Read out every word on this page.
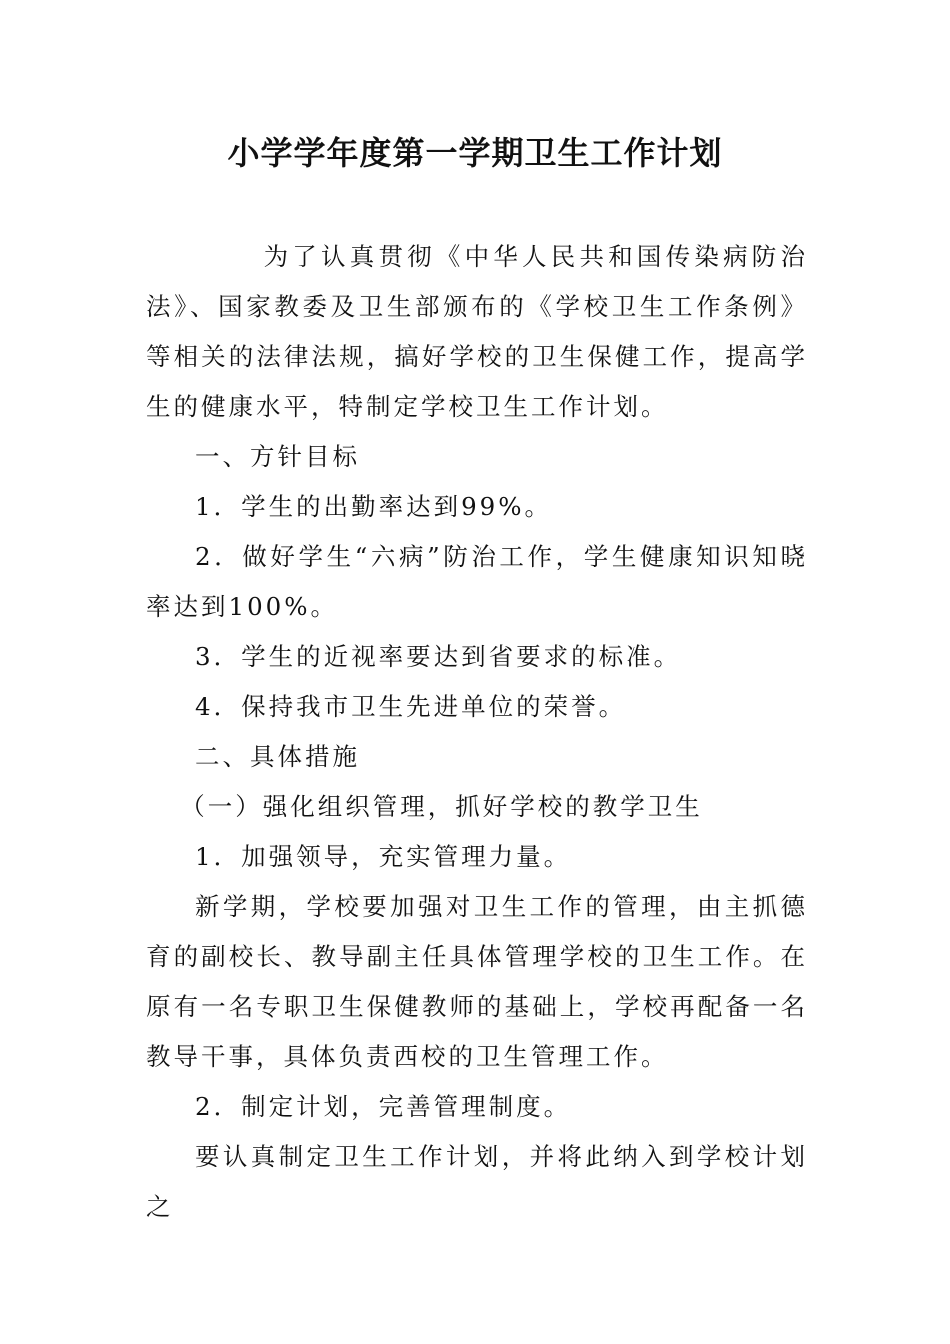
小学学年度第一学期卫生工作计划

为了认真贯彻《中华人民共和国传染病防治法》、国家教委及卫生部颁布的《学校卫生工作条例》等相关的法律法规，搞好学校的卫生保健工作，提高学生的健康水平，特制定学校卫生工作计划。

一、方针目标

1．学生的出勤率达到99%。

2．做好学生“六病”防治工作，学生健康知识知晓率达到100%。

3．学生的近视率要达到省要求的标准。

4．保持我市卫生先进单位的荣誉。

二、具体措施

（一）强化组织管理，抓好学校的教学卫生

1．加强领导，充实管理力量。

新学期，学校要加强对卫生工作的管理，由主抓德育的副校长、教导副主任具体管理学校的卫生工作。在原有一名专职卫生保健教师的基础上，学校再配备一名教导干事，具体负责西校的卫生管理工作。

2．制定计划，完善管理制度。

要认真制定卫生工作计划，并将此纳入到学校计划之
